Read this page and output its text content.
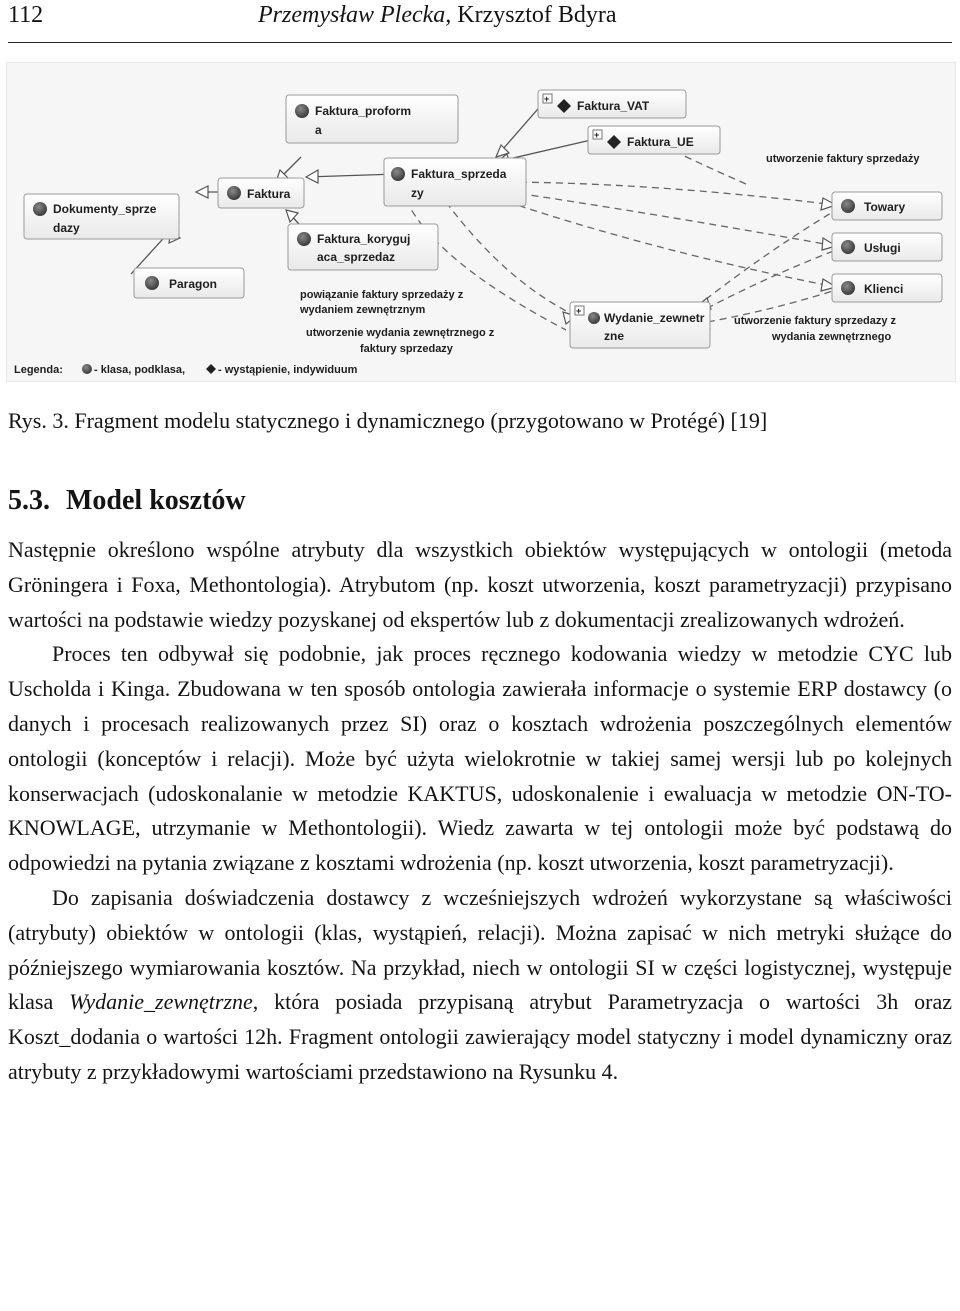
112	Przemysław Plecka, Krzysztof Bdyra
Dokumenty_sprze
dazy
Faktura
Faktura_proform
a
Faktura_sprzeda
zy
Faktura_koryguj
aca_sprzedaz
Paragon
+ Faktura_VAT
+ Faktura_UE
Towary
Usługi
Klienci
+ Wydanie_zewnetr
zne
utworzenie faktury sprzedaży
powiązanie faktury sprzedaży z
wydaniem zewnętrznym
utworzenie wydania zewnętrznego z
faktury sprzedazy
utworzenie faktury sprzedazy z
wydania zewnętrznego
Legenda:	- klasa, podklasa,	- wystąpienie, indywiduum
Rys. 3. Fragment modelu statycznego i dynamicznego (przygotowano w Protégé) [19]
5.3. Model kosztów

Następnie określono wspólne atrybuty dla wszystkich obiektów występujących w ontologii (metoda Gröningera i Foxa, Methontologia). Atrybutom (np. koszt utworzenia, koszt parametryzacji) przypisano wartości na podstawie wiedzy pozyskanej od ekspertów lub z dokumentacji zrealizowanych wdrożeń.

Proces ten odbywał się podobnie, jak proces ręcznego kodowania wiedzy w metodzie CYC lub Uscholda i Kinga. Zbudowana w ten sposób ontologia zawierała informacje o systemie ERP dostawcy (o danych i procesach realizowanych przez SI) oraz o kosztach wdrożenia poszczególnych elementów ontologii (konceptów i relacji). Może być użyta wielokrotnie w takiej samej wersji lub po kolejnych konserwacjach (udoskonalanie w metodzie KAKTUS, udoskonalenie i ewaluacja w metodzie ON-TO-KNOWLAGE, utrzymanie w Methontologii). Wiedz zawarta w tej ontologii może być podstawą do odpowiedzi na pytania związane z kosztami wdrożenia (np. koszt utworzenia, koszt parametryzacji).

Do zapisania doświadczenia dostawcy z wcześniejszych wdrożeń wykorzystane są właściwości (atrybuty) obiektów w ontologii (klas, wystąpień, relacji). Można zapisać w nich metryki służące do późniejszego wymiarowania kosztów. Na przykład, niech w ontologii SI w części logistycznej, występuje klasa Wydanie_zewnętrzne, która posiada przypisaną atrybut Parametryzacja o wartości 3h oraz Koszt_dodania o wartości 12h. Fragment ontologii zawierający model statyczny i model dynamiczny oraz atrybuty z przykładowymi wartościami przedstawiono na Rysunku 4.
